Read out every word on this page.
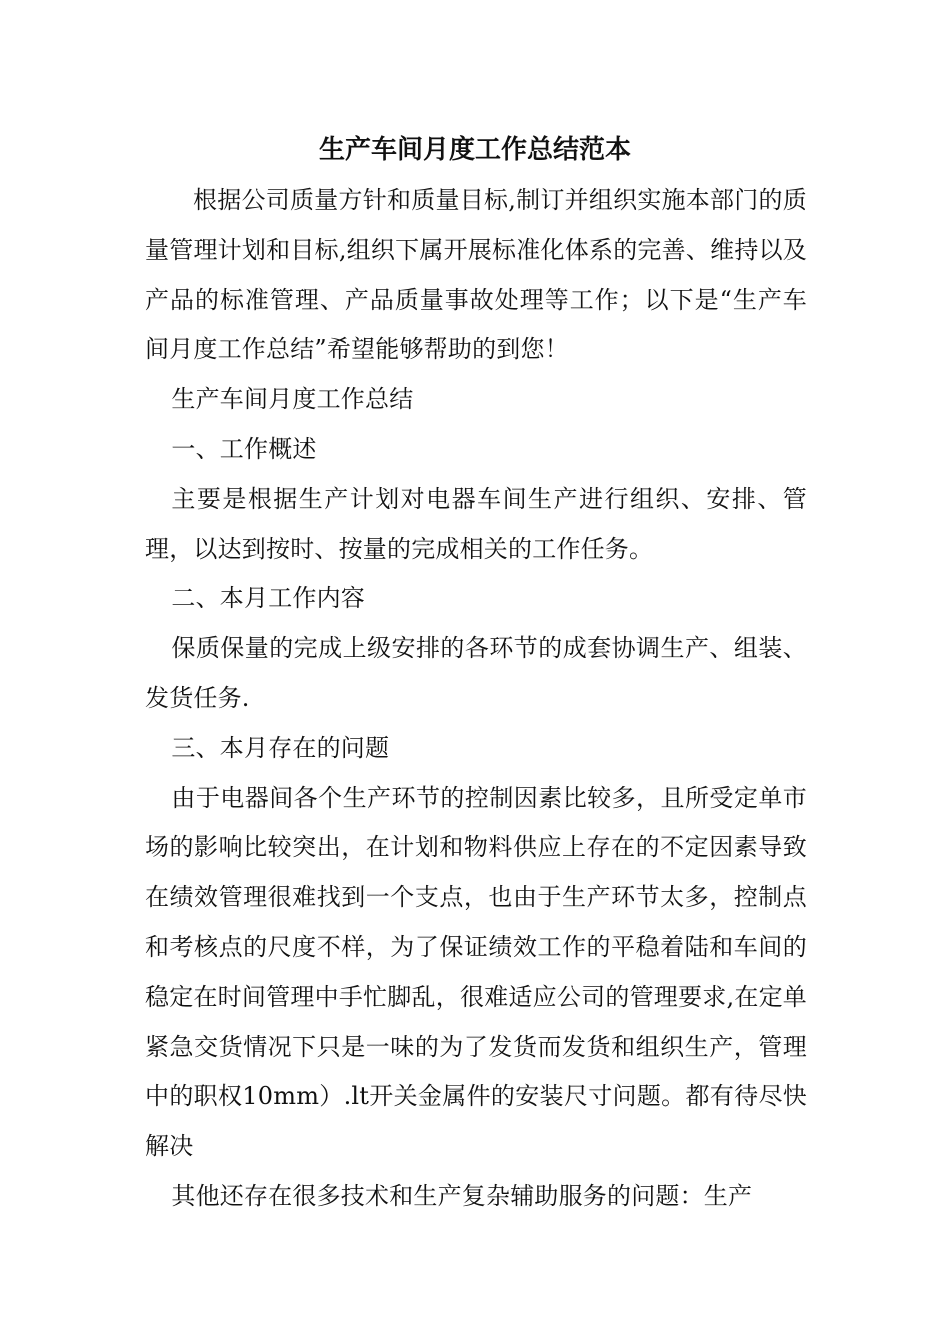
生产车间月度工作总结范本

根据公司质量方针和质量目标,制订并组织实施本部门的质量管理计划和目标,组织下属开展标准化体系的完善、维持以及产品的标准管理、产品质量事故处理等工作；以下是“生产车间月度工作总结”希望能够帮助的到您！

生产车间月度工作总结

一、工作概述

主要是根据生产计划对电器车间生产进行组织、安排、管理，以达到按时、按量的完成相关的工作任务。

二、本月工作内容

保质保量的完成上级安排的各环节的成套协调生产、组装、发货任务.

三、本月存在的问题

由于电器间各个生产环节的控制因素比较多，且所受定单市场的影响比较突出，在计划和物料供应上存在的不定因素导致在绩效管理很难找到一个支点，也由于生产环节太多，控制点和考核点的尺度不样，为了保证绩效工作的平稳着陆和车间的稳定在时间管理中手忙脚乱，很难适应公司的管理要求,在定单紧急交货情况下只是一味的为了发货而发货和组织生产，管理中的职权10mm）.lt开关金属件的安装尺寸问题。都有待尽快解决

其他还存在很多技术和生产复杂辅助服务的问题：生产
